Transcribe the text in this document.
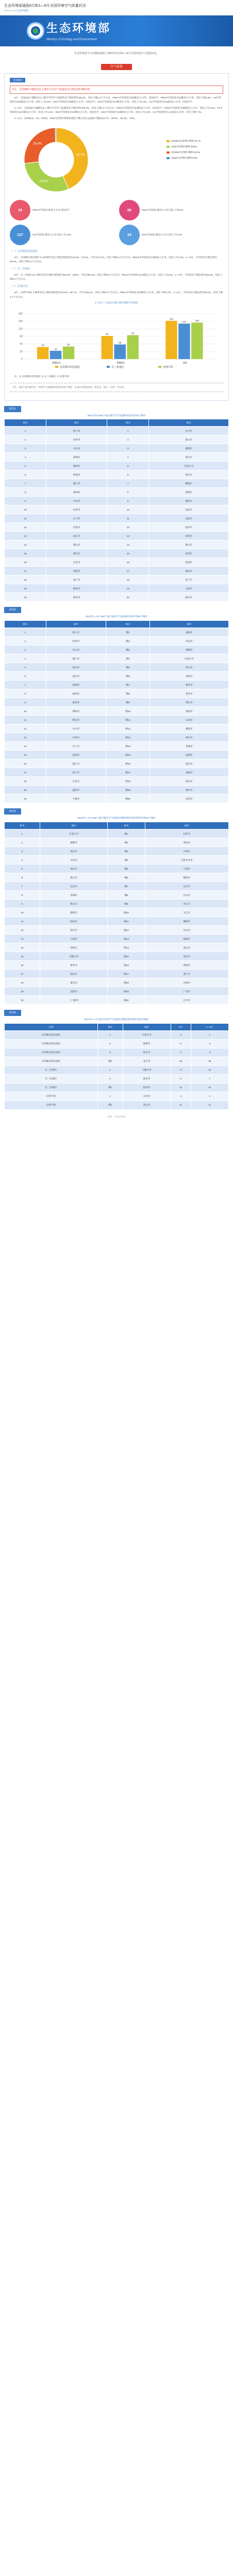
生态环境部通报6月和1—6月全国环境空气质量状况
2021-07-16 生态环境部
生态环境部
Ministry of Ecology and Environment
生态环境部今日向媒体通报了2021年6月和1—6月全国环境空气质量状况。
空气质量
全国情况
6月，全国339个地级及以上城市平均空气质量优良天数比例为86.5%

6月，全国339个地级及以上城市平均空气质量优良天数比例为86.5%，同比下降2.3个百分点；PM2.5平均浓度为20微克/立方米，同比持平；PM10平均浓度为39微克/立方米，同比下降2.5%；O3平均浓度为150微克/立方米，同比上升2.0%；SO2平均浓度为8微克/立方米，同比持平；NO2平均浓度为17微克/立方米，同比上升6.3%；CO平均浓度为0.8毫克/立方米，同比持平。

1—6月，全国339个地级及以上城市平均空气质量优良天数比例为84.3%，同比下降1.5个百分点；PM2.5平均浓度为34微克/立方米，同比持平；PM10平均浓度为66微克/立方米，同比上升8.2%；O3平均浓度为137微克/立方米，同比上升1.5%；SO2平均浓度为10微克/立方米，同比持平；NO2平均浓度为24微克/立方米，同比上升4.3%；CO平均浓度为1.2毫克/立方米，同比下降7.7%。

1—6月，以PM2.5、O3、PM10、NO2为首要污染物的超标天数分别占总超标天数的43.7%、29.5%、26.4%、0.5%。

43.7%
29.5%
26.4%
以PM2.5为首要污染物 43.7%
以O3为首要污染物 29.5%
以PM10为首要污染物 26.4%
以NO2为首要污染物 0.5%
34	PM2.5平均浓度 微克/立方米 同比持平	66	PM10平均浓度 微克/立方米 同比上升8.2%
137	O3平均浓度 微克/立方米 同比上升1.5%	24	NO2平均浓度 微克/立方米 同比上升4.3%
（一）京津冀及周边地区

6月，京津冀及周边地区“2+26”城市优良天数比例范围为30.0%～70.0%，平均为47.0%，同比下降11.3个百分点。PM2.5平均浓度为31微克/立方米，同比上升3.3%。1—6月，平均优良天数比例为55.6%，同比下降3.2个百分点。

（二）长三角地区

6月，长三角地区41个城市优良天数比例范围为50.0%～100%，平均为80.3%，同比下降6.6个百分点。PM2.5平均浓度为21微克/立方米，同比上升5.0%。1—6月，平均优良天数比例为83.3%，同比下降0.8个百分点。

（三）汾渭平原

6月，汾渭平原11个城市优良天数比例范围为43.3%～86.7%，平均为59.1%，同比下降9.4个百分点。PM2.5平均浓度为26微克/立方米，同比下降3.7%。1—6月，平均优良天数比例为60.0%，同比下降3.7个百分点。

1—6月三大重点区域主要污染物平均浓度
0
30
60
90
120
150
180
48
33
50
PM2.5
92
58
95
PM10
152
141	145
O3
京津冀及周边地区	长三角地区	汾渭平原

注：① 京津冀及周边地区 ② 长三角地区 ③ 汾渭平原

6月，168个重点城市中，环境空气质量相对较好的20个城市（从第1名到第20名）依次是：海口、拉萨、舟山等。
附表1
2021年6月168个重点城市空气质量相对较好的20个城市
排名	城市	排名	城市
1	海口市	1	长沙市
2	拉萨市	2	唐山市
3	舟山市	3	邯郸市
4	深圳市	4	邢台市
5	惠州市	5	石家庄市
6	珠海市	6	保定市
7	厦门市	7	聊城市
8	福州市	8	淄博市
9	中山市	9	德州市
10	拉萨市	10	菏泽市
11	江门市	11	安阳市
12	昆明市	12	焦作市
13	湛江市	13	滨州市
14	佛山市	14	衡水市
15	肇庆市	15	沧州市
16	东莞市	16	济南市
17	贵阳市	17	廊坊市
18	南宁市	18	济宁市
19	柳州市	19	太原市
20	雅安市	20	临汾市
附表2
2021年1—6月168个重点城市空气质量相对较好的20个城市
排名	城市	排名	城市
1	海口市	倒1	咸阳市
2	拉萨市	倒2	西安市
3	舟山市	倒3	邯郸市
4	厦门市	倒4	石家庄市
5	黄山市	倒5	唐山市
6	丽水市	倒6	安阳市
7	深圳市	倒7	新乡市
8	福州市	倒8	焦作市
9	惠州市	倒9	邢台市
10	珠海市	倒10	渭南市
11	雅安市	倒11	太原市
12	中山市	倒12	鹤壁市
13	台州市	倒13	保定市
14	江门市	倒14	晋城市
15	贵阳市	倒15	淄博市
16	湛江市	倒16	临汾市
17	南宁市	倒17	洛阳市
18	东莞市	倒18	阳泉市
19	温州市	倒19	衡水市
20	宁德市	倒20	菏泽市
附表3
2021年1—6月168个重点城市空气质量改善幅度相对较好和较差的20个城市
排名	城市	排名	城市
1	石家庄市	倒1	拉萨市
2	邯郸市	倒2	黄冈市
3	保定市	倒3	泸州市
4	太原市	倒4	乌鲁木齐市
5	邢台市	倒5	宁德市
6	唐山市	倒6	赣州市
7	长治市	倒7	宜宾市
8	晋城市	倒8	自贡市
9	衡水市	倒9	内江市
10	鹤壁市	倒10	九江市
11	阳泉市	倒11	鹰潭市
12	焦作市	倒12	乐山市
13	吕梁市	倒13	绵阳市
14	洛阳市	倒14	眉山市
15	马鞍山市	倒15	南充市
16	新乡市	倒16	资阳市
17	临汾市	倒17	遂宁市
18	淮北市	倒18	达州市
19	安阳市	倒19	广安市
20	三门峡市	倒20	巴中市
附表4
2021年1—6月重点区域空气质量改善幅度相对较好和较差城市
区域	排名	城市	6月	1—6月
京津冀及周边地区	1	石家庄市	3	1
京津冀及周边地区	2	邯郸市	5	2
京津冀及周边地区	3	保定市	2	3
京津冀及周边地区	倒1	北京市	25	26
长三角地区	1	马鞍山市	9	12
长三角地区	2	淮北市	6	7
长三角地区	倒1	杭州市	12	41
汾渭平原	1	长治市	4	2
汾渭平原	倒1	西安市	11	11
来源：生态环境部
